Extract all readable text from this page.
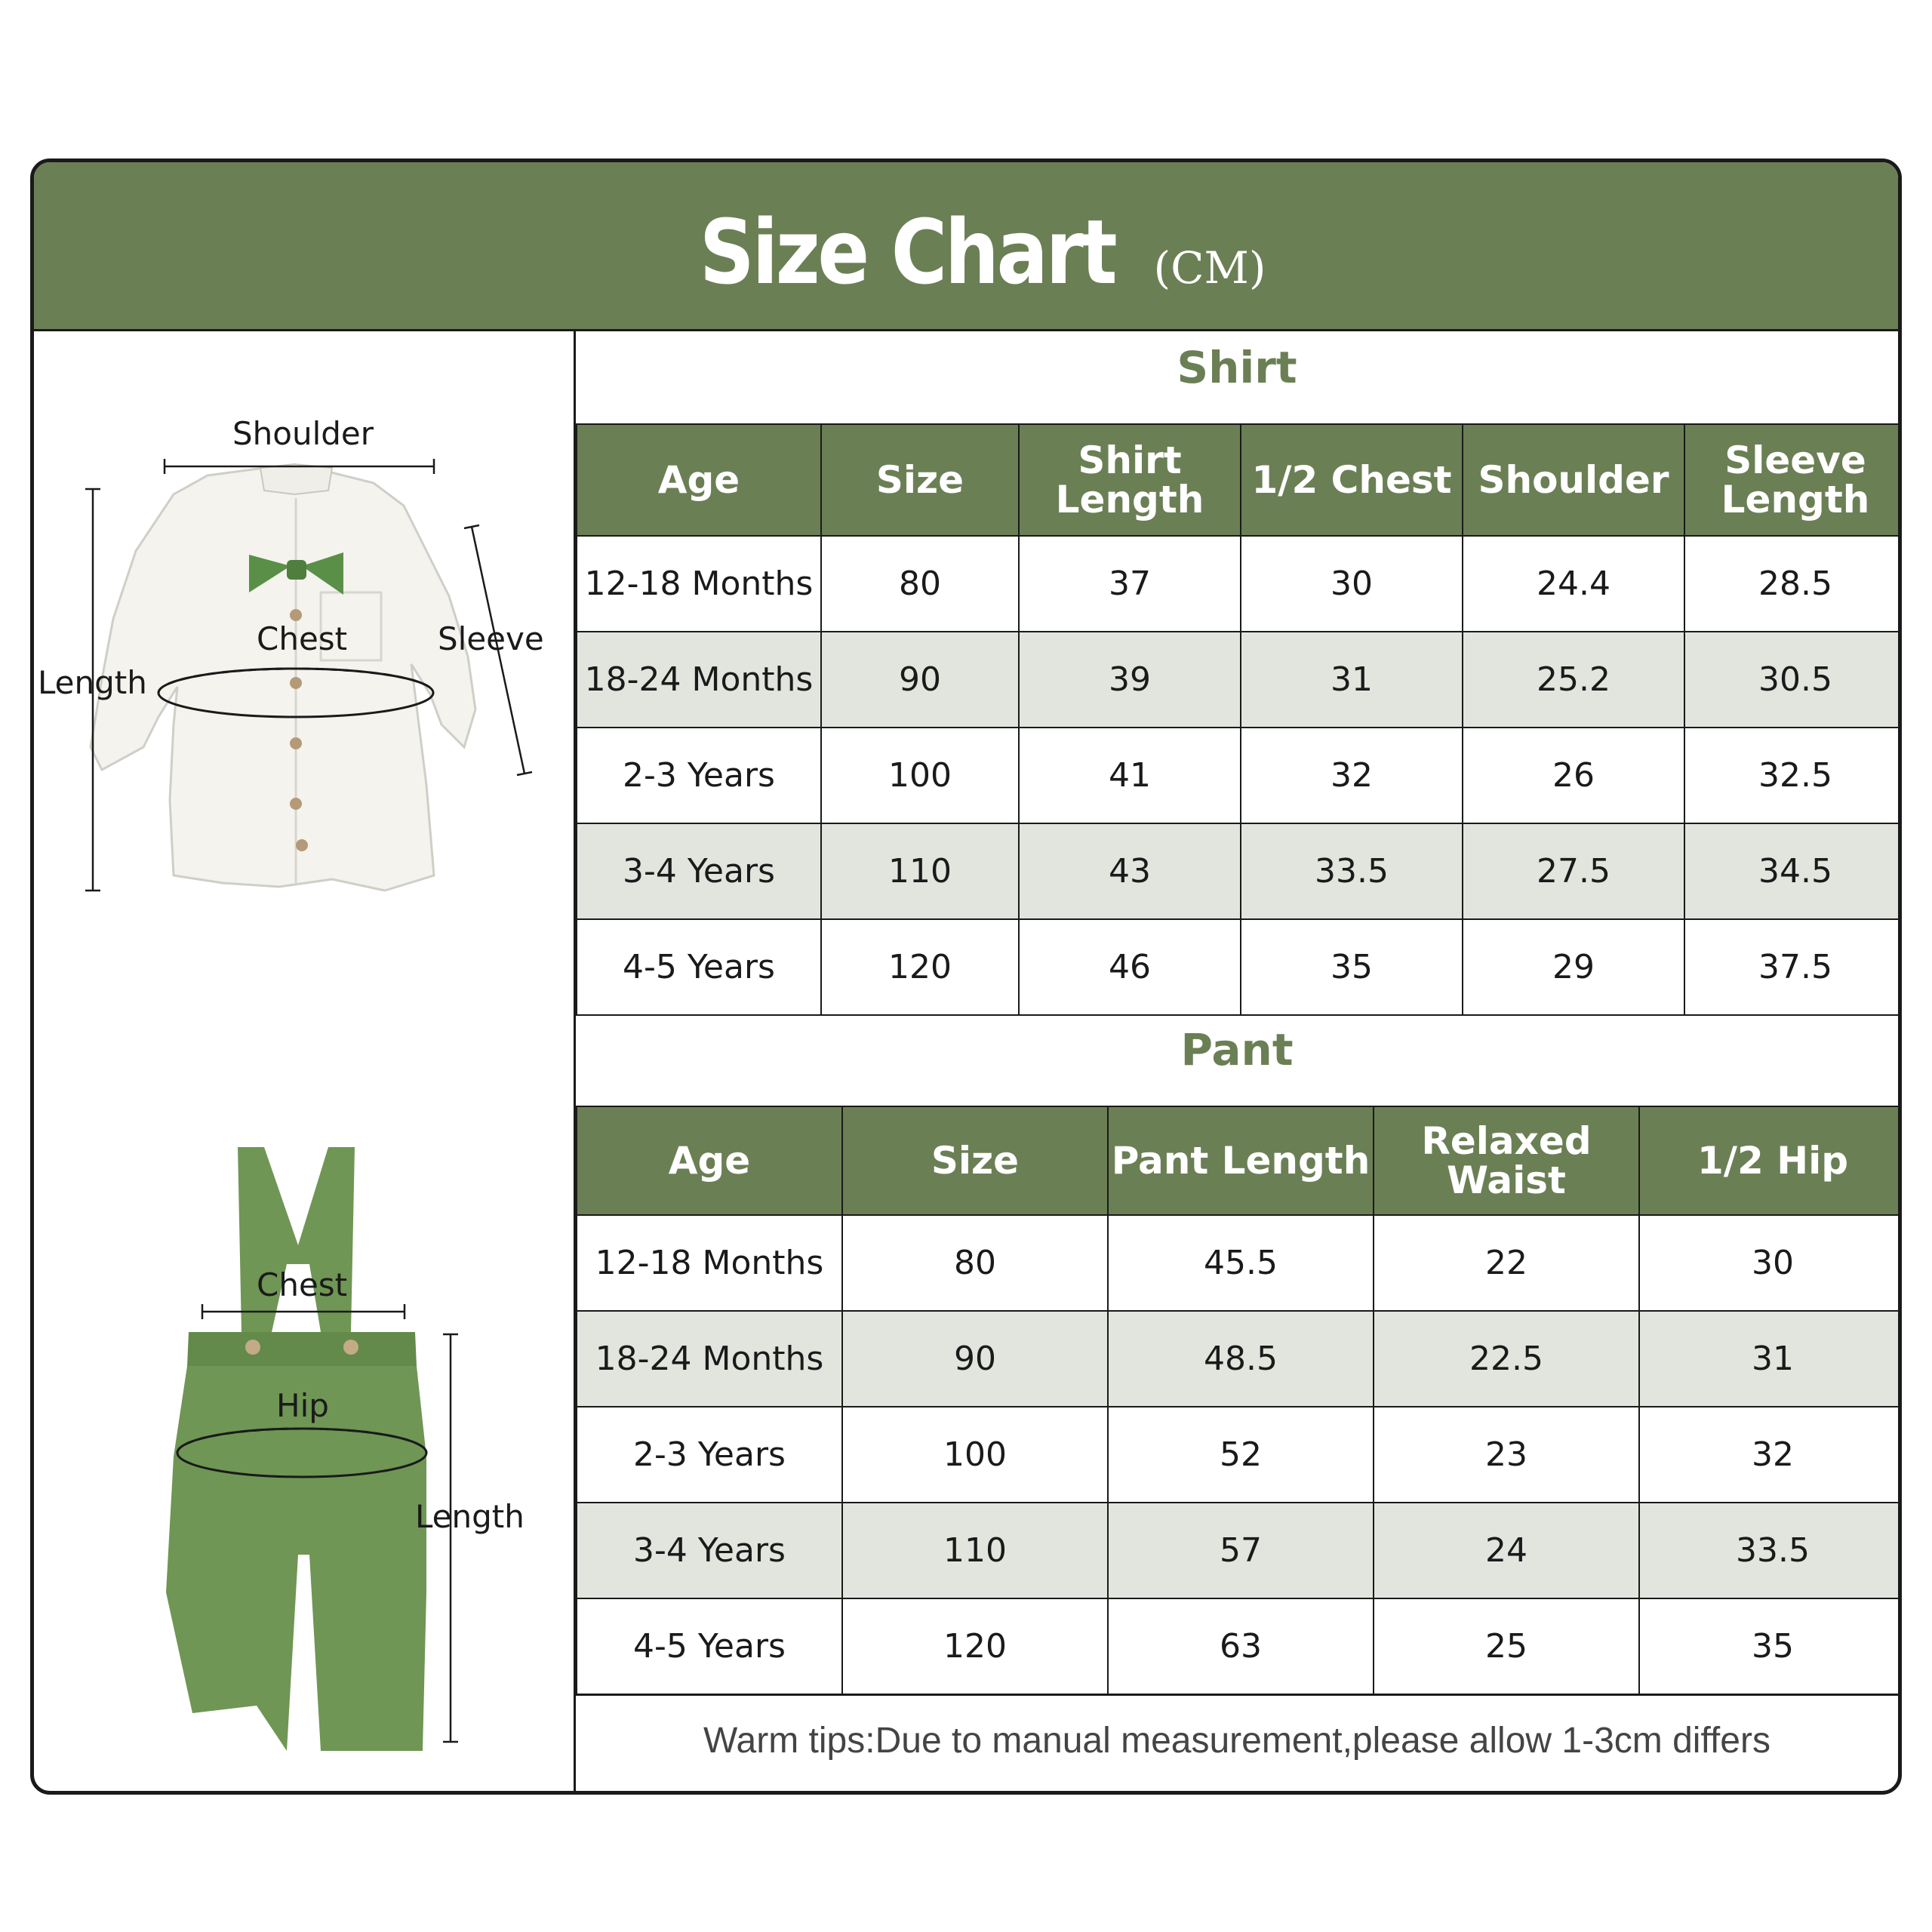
Size Chart (CM)
Shirt
Age	Size	Shirt Length	1/2 Chest	Shoulder	Sleeve Length
12-18 Months	80	37	30	24.4	28.5
18-24 Months	90	39	31	25.2	30.5
2-3 Years	100	41	32	26	32.5
3-4 Years	110	43	33.5	27.5	34.5
4-5 Years	120	46	35	29	37.5
Pant
Age	Size	Pant Length	Relaxed Waist	1/2 Hip
12-18 Months	80	45.5	22	30
18-24 Months	90	48.5	22.5	31
2-3 Years	100	52	23	32
3-4 Years	110	57	24	33.5
4-5 Years	120	63	25	35
Warm tips:Due to manual measurement,please allow 1-3cm differs
Shoulder
Chest	Sleeve
Length
Chest
Hip
Length
